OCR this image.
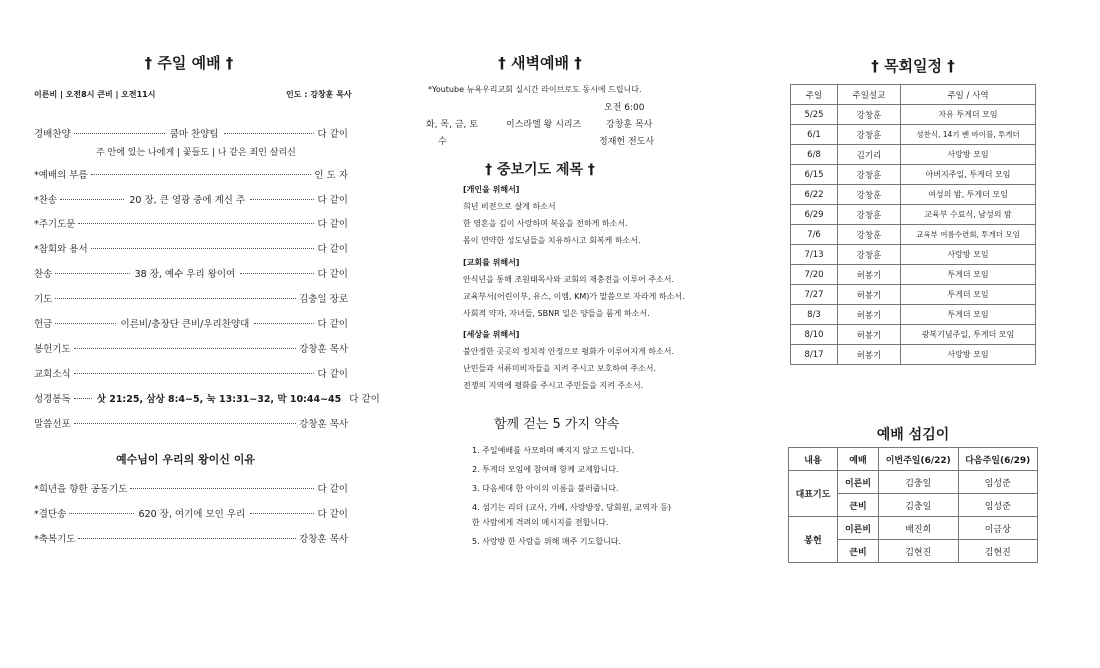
† 주일 예배 †
이른비 | 오전8시 큰비 | 오전11시	인도 : 강창훈 목사
경배찬양	쿰마 찬양팀	다 같이
주 안에 있는 나에게 | 꽃들도 | 나 같은 죄인 살리신
*예배의 부름	인 도 자
*찬송	20 장, 큰 영광 중에 계신 주	다 같이
*주기도문	다 같이
*참회와 용서	다 같이
찬송	38 장, 예수 우리 왕이여	다 같이
기도	김충일 장로
헌금	이른비/충장단 큰비/우리찬양대	다 같이
봉헌기도	강창훈 목사
교회소식	다 같이
성경봉독	삿 21:25, 삼상 8:4~5, 눅 13:31~32, 막 10:44~45 다 같이
말씀선포	강창훈 목사
예수님이 우리의 왕이신 이유
*희년을 향한 공동기도	다 같이
*결단송	620 장, 여기에 모인 우리	다 같이
*축복기도	강창훈 목사
† 새벽예배 †
*Youtube 뉴욕우리교회 실시간 라이브로도 동시에 드립니다.
오전 6:00
화, 목, 금, 토	이스라엘 왕 시리즈	강창훈 목사
수	정재헌 전도사
† 중보기도 제목 †
[개인을 위해서]
희년 비전으로 살게 하소서
한 영혼을 깊이 사랑하며 복음을 전하게 하소서.
몸이 연약한 성도님들을 치유하시고 회복케 하소서.
[교회를 위해서]
안식년을 통해 조원태목사와 교회의 재충전을 이루어 주소서.
교육부서(어린이부, 유스, 이엠, KM)가 말씀으로 자라게 하소서.
사회적 약자, 자녀들, SBNR 일은 양들을 품게 하소서.
[세상을 위해서]
불안정한 곳곳의 정치적 안정으로 평화가 이루어지게 하소서.
난민들과 서류미비자들을 지켜 주시고 보호하여 주소서.
전쟁의 지역에 평화를 주시고 주민들을 지켜 주소서.
함께 걷는 5 가지 약속
1. 주일예배를 사모하며 빠지지 않고 드립니다.
2. 투게더 모임에 참여해 함께 교제합니다.
3. 다음세대 한 아이의 이름을 불러줍니다.
4. 섬기는 리더 (교사, 가베, 사랑방장, 당회원, 교역자 등)
한 사람에게 격려의 메시지를 전합니다.
5. 사랑방 한 사람을 위해 매주 기도합니다.
† 목회일정 †
주일	주일설교	주일 / 사역
5/25	강창훈	자유 투게더 모임
6/1	강창훈	성찬식, 14기 벤 바이블, 투게더
6/8	김기리	사랑방 모임
6/15	강창훈	아버지주일, 투게더 모임
6/22	강창훈	여성의 밤, 투게더 모임
6/29	강창훈	교육부 수료식, 남성의 밤
7/6	강창훈	교육부 여름수련회, 투게더 모임
7/13	강창훈	사랑방 모임
7/20	허봉기	투게더 모임
7/27	허봉기	투게더 모임
8/3	허봉기	투게더 모임
8/10	허봉기	광복기념주일, 투게더 모임
8/17	허봉기	사랑방 모임
예배 섬김이
내용	예배	이번주일(6/22)	다음주일(6/29)
대표기도	이른비	김충일	임성준
	큰비	김충일	임성준
봉헌	이른비	배진희	이금상
	큰비	김현진	김현진
